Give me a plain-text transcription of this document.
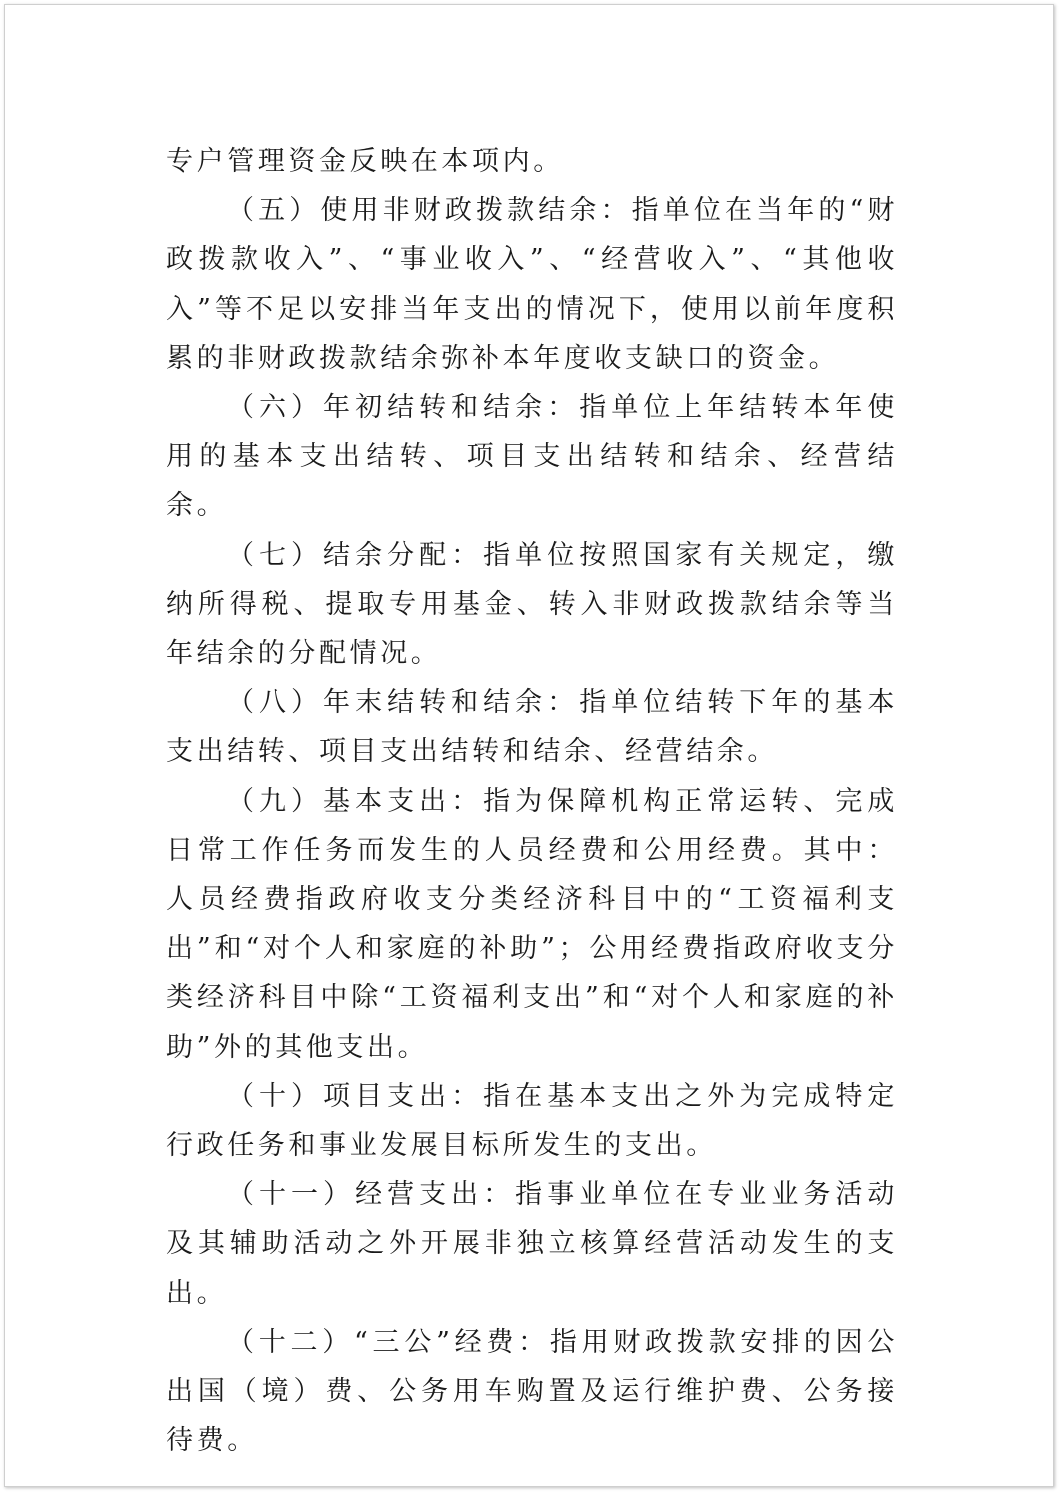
专户管理资金反映在本项内。

（五）使用非财政拨款结余：指单位在当年的“财政拨款收入”、“事业收入”、“经营收入”、“其他收入”等不足以安排当年支出的情况下，使用以前年度积累的非财政拨款结余弥补本年度收支缺口的资金。

（六）年初结转和结余：指单位上年结转本年使用的基本支出结转、项目支出结转和结余、经营结余。

（七）结余分配：指单位按照国家有关规定，缴纳所得税、提取专用基金、转入非财政拨款结余等当年结余的分配情况。

（八）年末结转和结余：指单位结转下年的基本支出结转、项目支出结转和结余、经营结余。

（九）基本支出：指为保障机构正常运转、完成日常工作任务而发生的人员经费和公用经费。其中：人员经费指政府收支分类经济科目中的“工资福利支出”和“对个人和家庭的补助”；公用经费指政府收支分类经济科目中除“工资福利支出”和“对个人和家庭的补助”外的其他支出。

（十）项目支出：指在基本支出之外为完成特定行政任务和事业发展目标所发生的支出。

（十一）经营支出：指事业单位在专业业务活动及其辅助活动之外开展非独立核算经营活动发生的支出。

（十二）“三公”经费：指用财政拨款安排的因公出国（境）费、公务用车购置及运行维护费、公务接待费。
